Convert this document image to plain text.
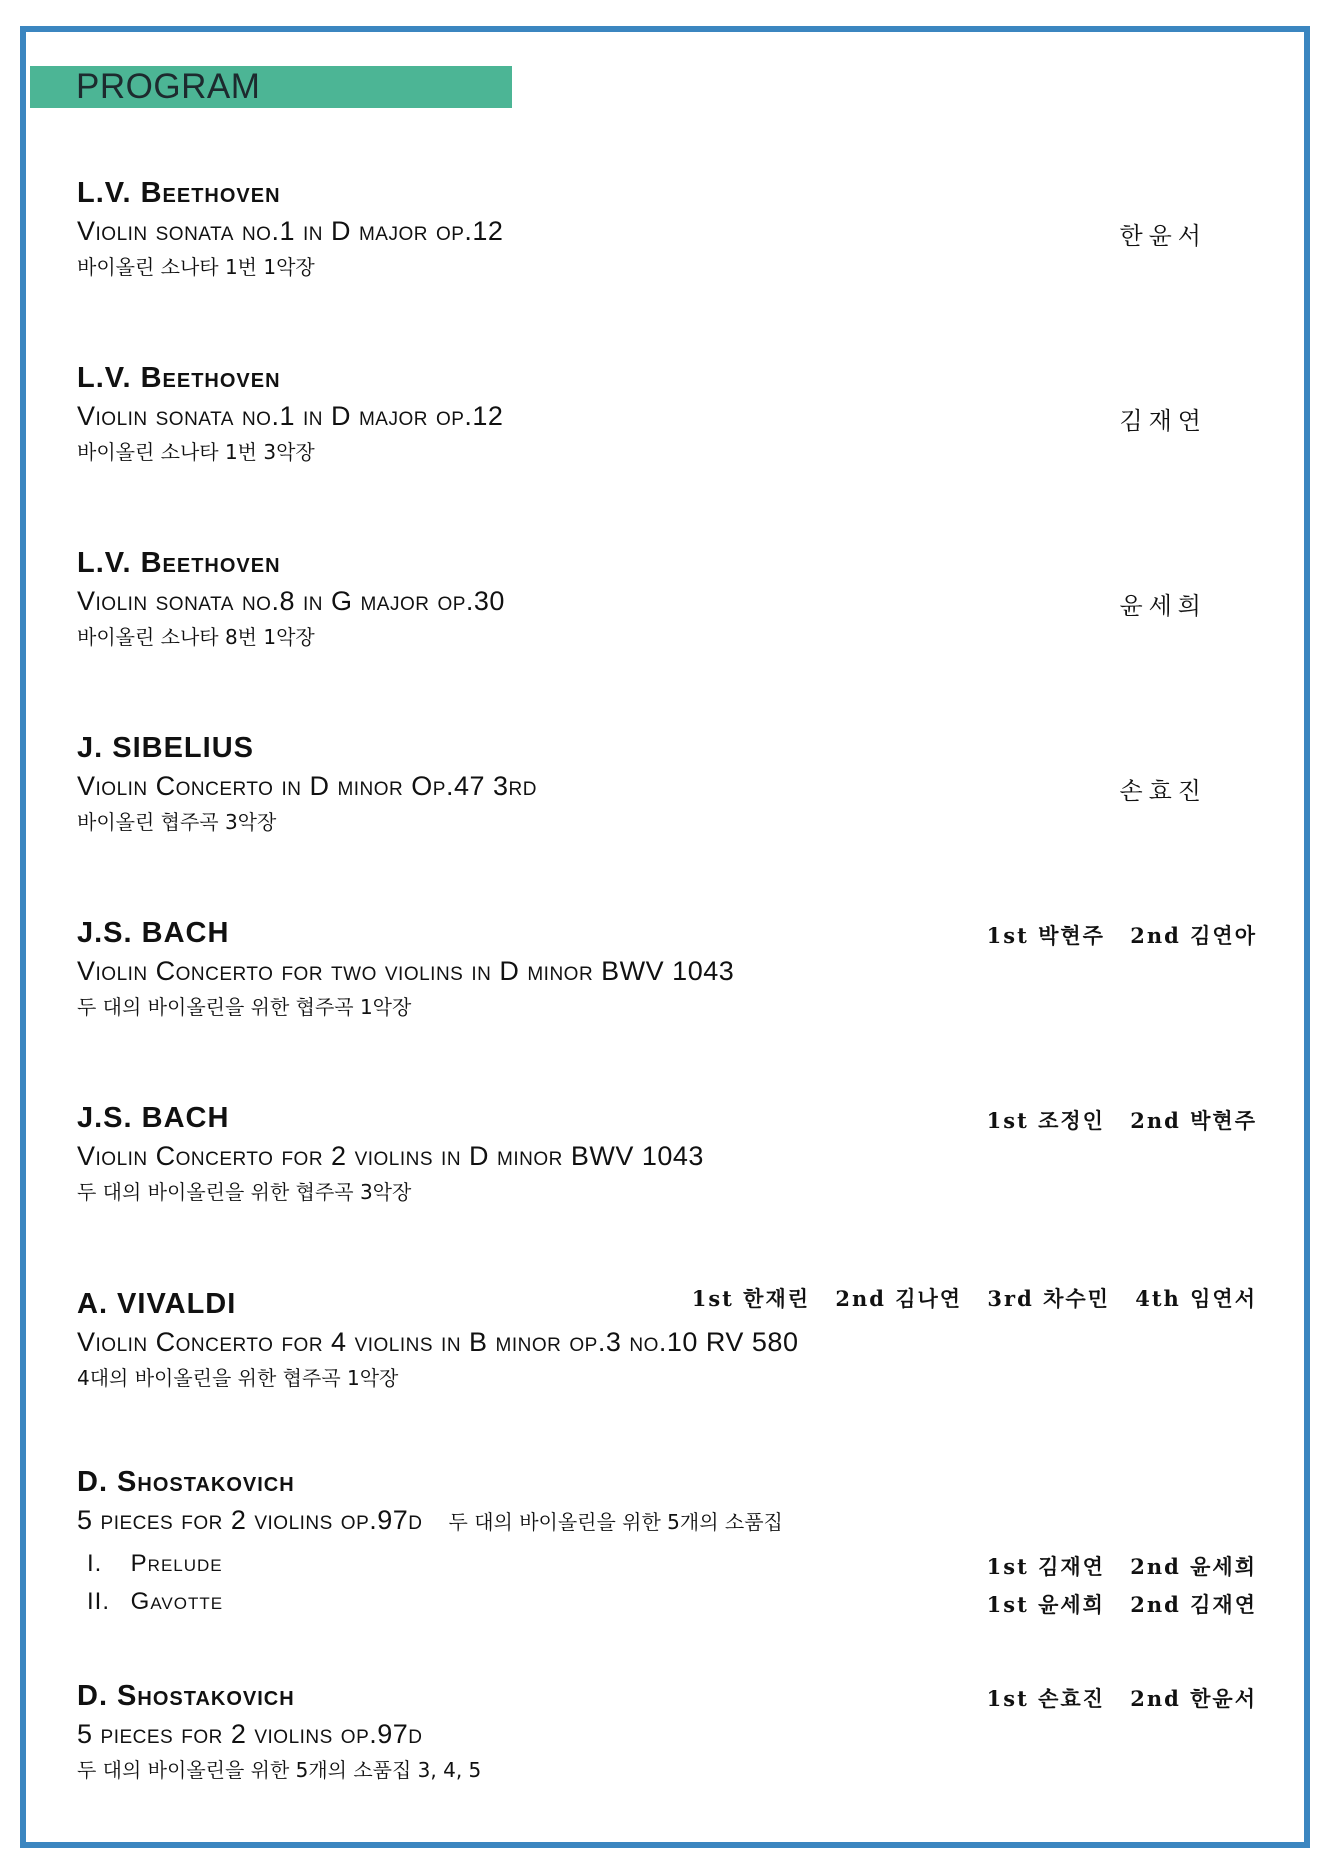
PROGRAM
L.V. Beethoven
Violin sonata no.1 in D major op.12
바이올린 소나타 1번 1악장
한윤서
L.V. Beethoven
Violin sonata no.1 in D major op.12
바이올린 소나타 1번 3악장
김재연
L.V. Beethoven
Violin sonata no.8 in G major op.30
바이올린 소나타 8번 1악장
윤세희
J. SIBELIUS
Violin Concerto in D minor Op.47 3rd
바이올린 협주곡 3악장
손효진
J.S. BACH
Violin Concerto for two violins in D minor BWV 1043
두 대의 바이올린을 위한 협주곡 1악장
1st 박현주 2nd 김연아
J.S. BACH
Violin Concerto for 2 violins in D minor BWV 1043
두 대의 바이올린을 위한 협주곡 3악장
1st 조정인 2nd 박현주
A. VIVALDI
Violin Concerto for 4 violins in B minor op.3 no.10 RV 580
4대의 바이올린을 위한 협주곡 1악장
1st 한재린 2nd 김나연 3rd 차수민 4th 임연서
D. Shostakovich
5 pieces for 2 violins op.97d 두 대의 바이올린을 위한 5개의 소품집
I. Prelude	1st 김재연 2nd 윤세희
II. Gavotte	1st 윤세희 2nd 김재연
D. Shostakovich
5 pieces for 2 violins op.97d
두 대의 바이올린을 위한 5개의 소품집 3, 4, 5
1st 손효진 2nd 한윤서
